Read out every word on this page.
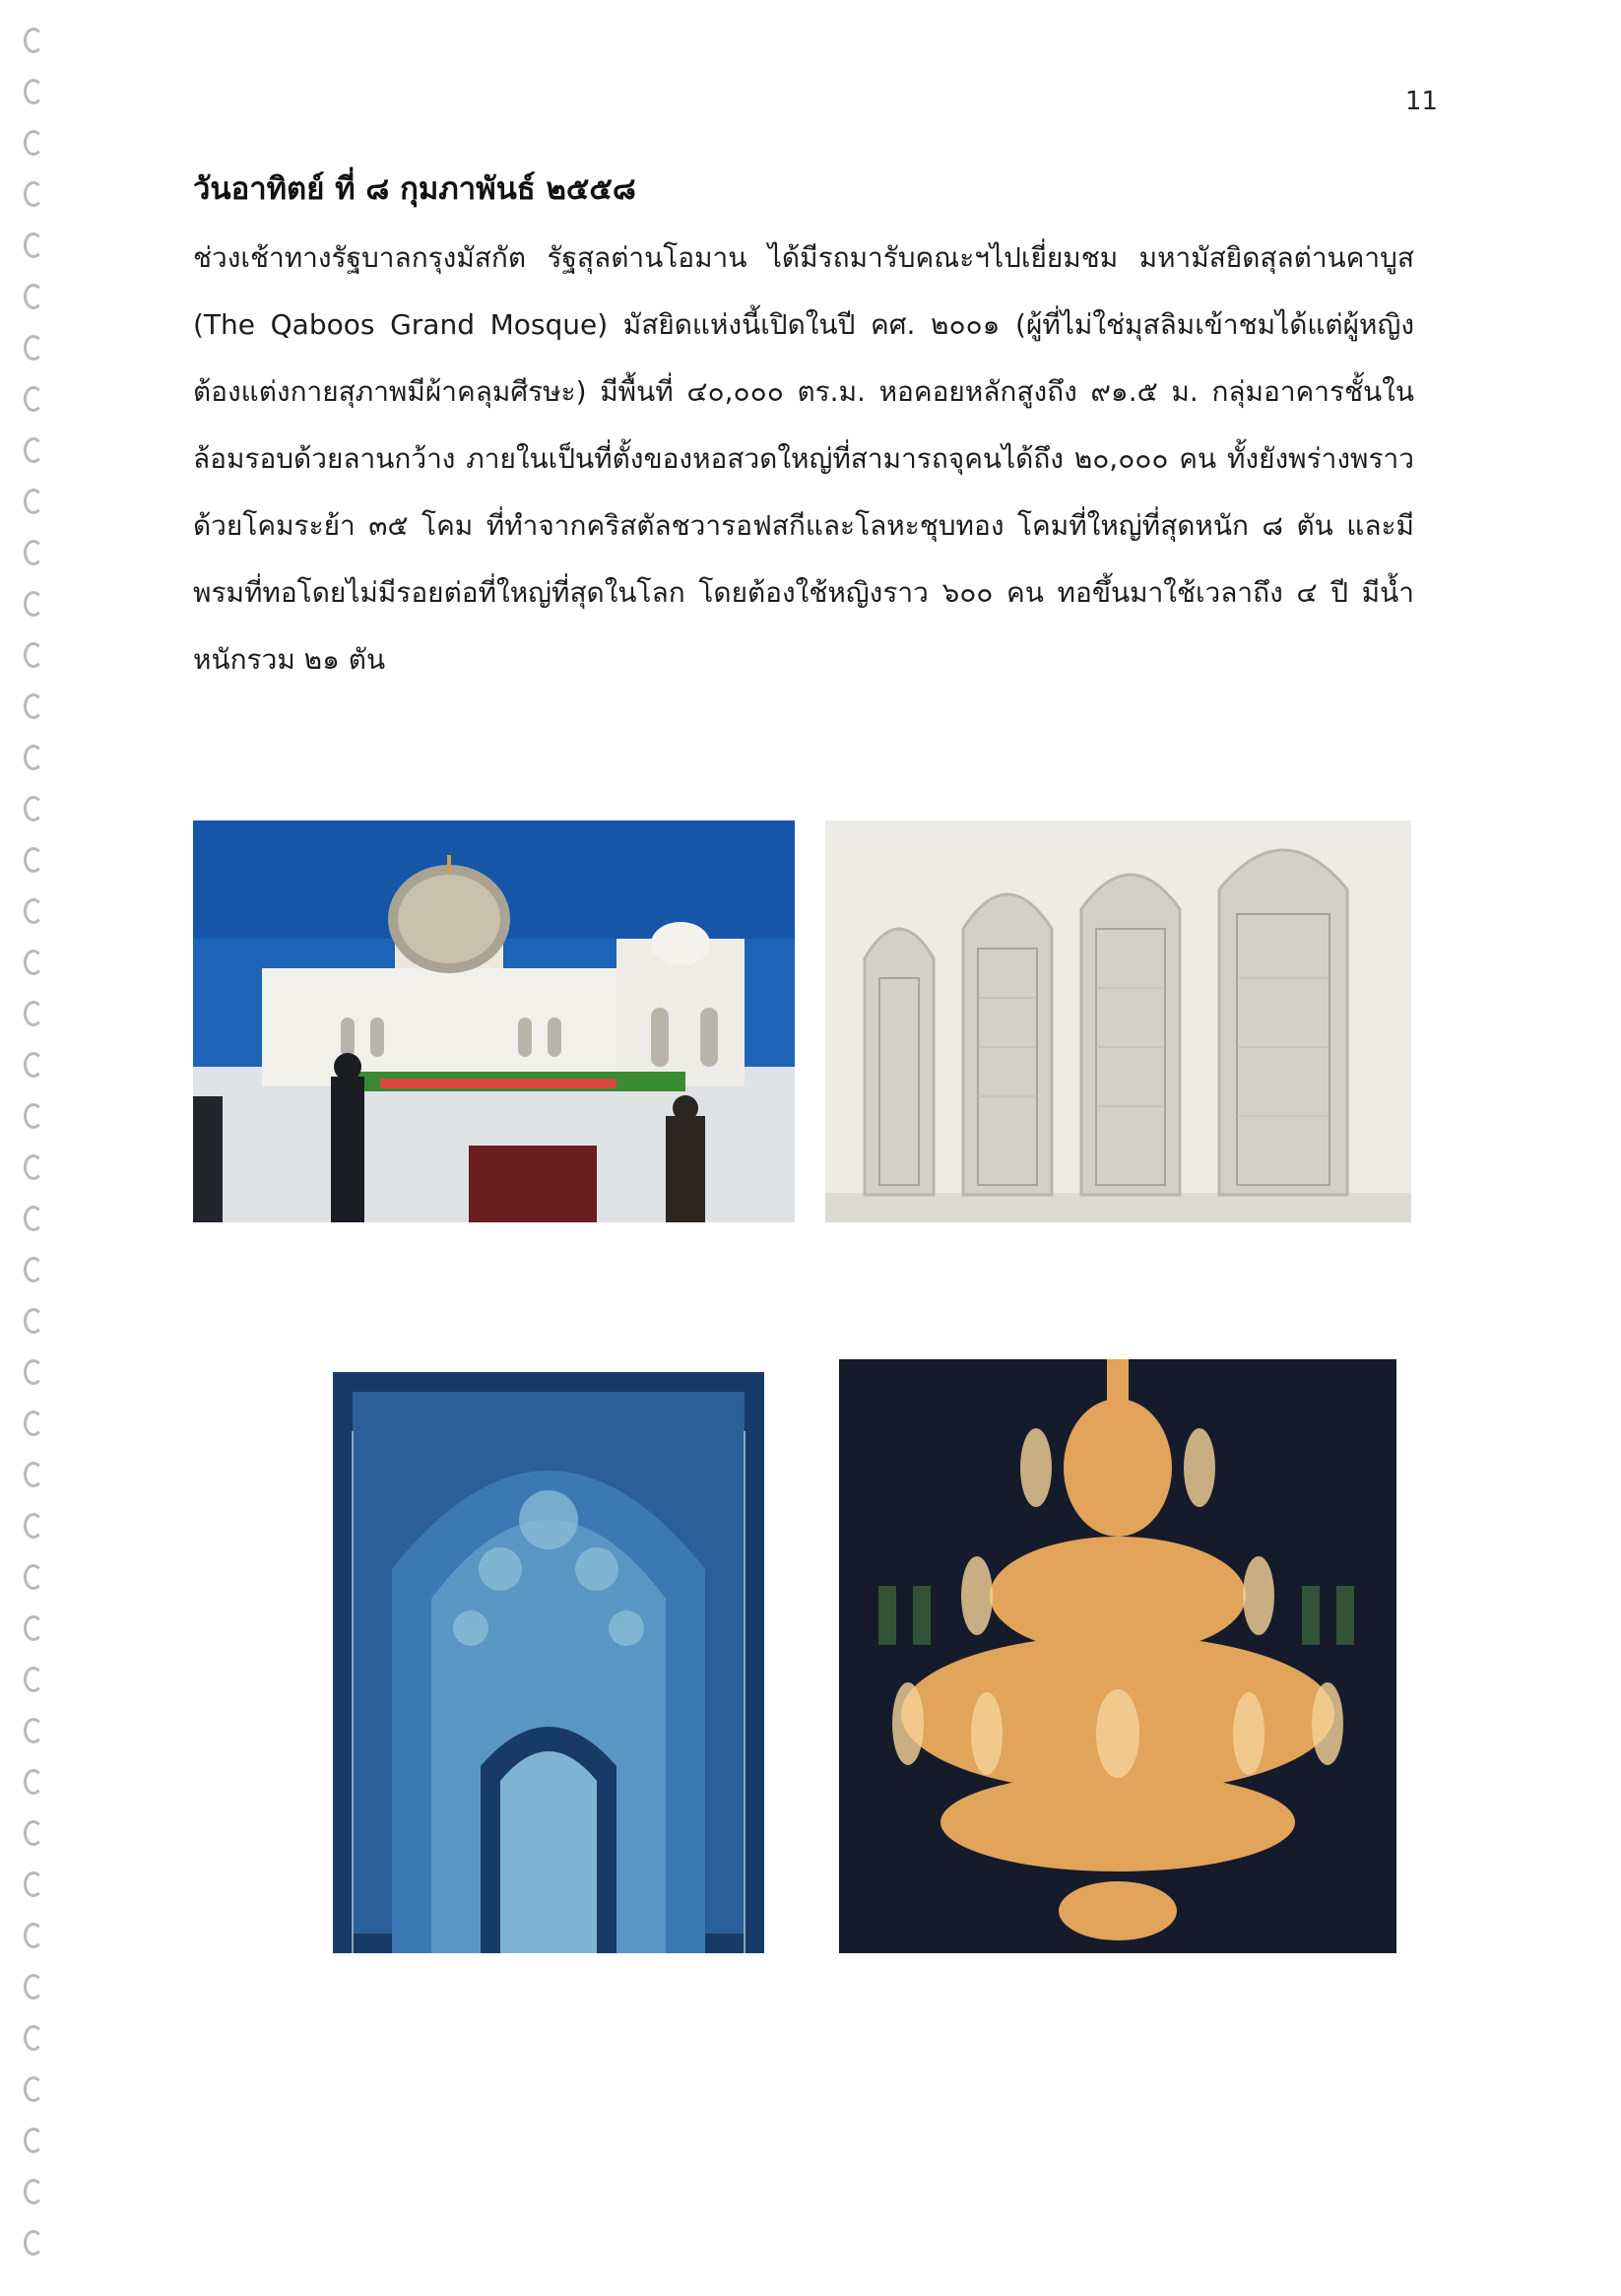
11
วันอาทิตย์ ที่ ๘ กุมภาพันธ์ ๒๕๕๘

ช่วงเช้าทางรัฐบาลกรุงมัสกัต รัฐสุลต่านโอมาน ได้มีรถมารับคณะฯไปเยี่ยมชม มหามัสยิดสุลต่านคาบูส (The Qaboos Grand Mosque) มัสยิดแห่งนี้เปิดในปี คศ. ๒๐๐๑ (ผู้ที่ไม่ใช่มุสลิมเข้าชมได้แต่ผู้หญิงต้องแต่งกายสุภาพมีผ้าคลุมศีรษะ) มีพื้นที่ ๔๐,๐๐๐ ตร.ม. หอคอยหลักสูงถึง ๙๑.๕ ม. กลุ่มอาคารชั้นในล้อมรอบด้วยลานกว้าง ภายในเป็นที่ตั้งของหอสวดใหญ่ที่สามารถจุคนได้ถึง ๒๐,๐๐๐ คน ทั้งยังพร่างพราวด้วยโคมระย้า ๓๕ โคม ที่ทำจากคริสตัลชวารอฟสกีและโลหะชุบทอง โคมที่ใหญ่ที่สุดหนัก ๘ ตัน และมีพรมที่ทอโดยไม่มีรอยต่อที่ใหญ่ที่สุดในโลก โดยต้องใช้หญิงราว ๖๐๐ คน ทอขึ้นมาใช้เวลาถึง ๔ ปี มีน้ำหนักรวม ๒๑ ตัน
